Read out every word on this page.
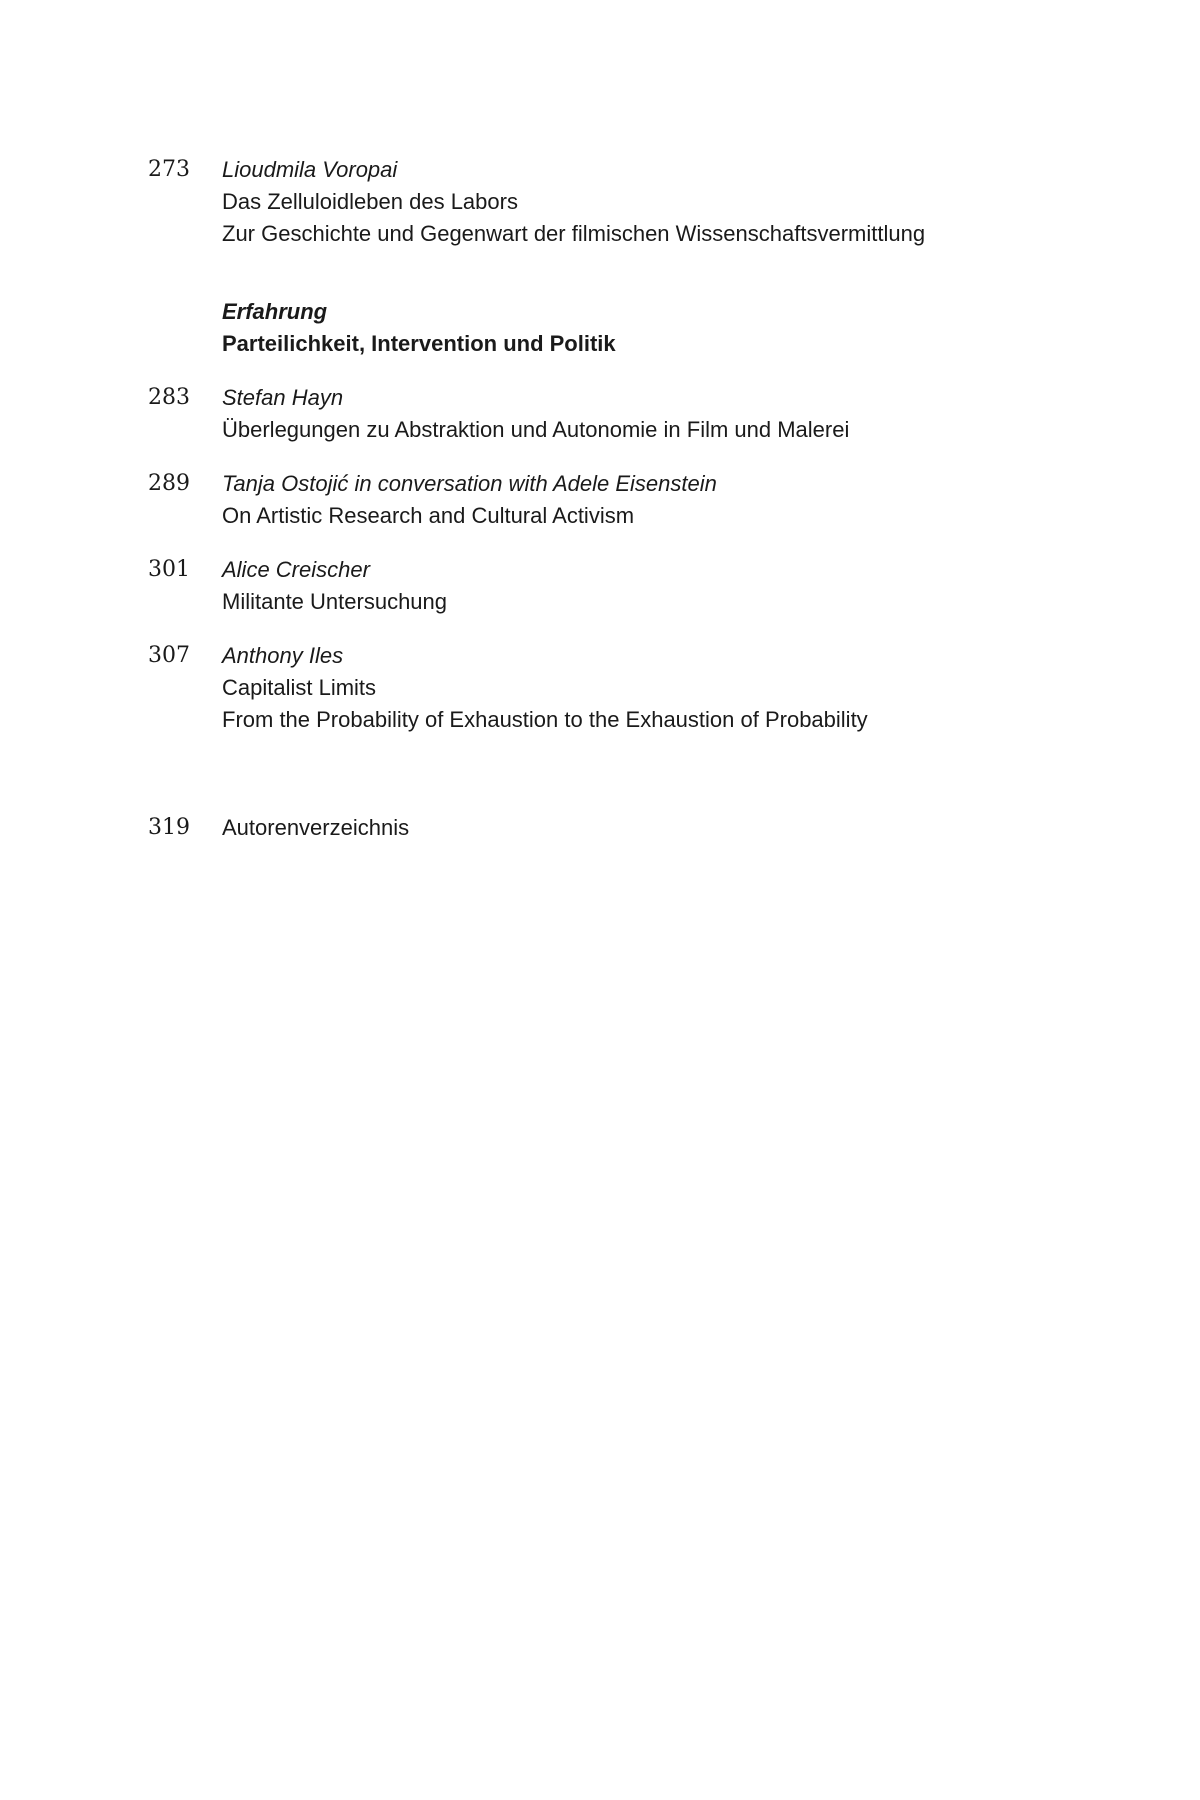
273	Lioudmila Voropai
Das Zelluloidleben des Labors
Zur Geschichte und Gegenwart der filmischen Wissenschaftsvermittlung
Erfahrung
Parteilichkeit, Intervention und Politik
283	Stefan Hayn
Überlegungen zu Abstraktion und Autonomie in Film und Malerei
289	Tanja Ostojić in conversation with Adele Eisenstein
On Artistic Research and Cultural Activism
301	Alice Creischer
Militante Untersuchung
307	Anthony Iles
Capitalist Limits
From the Probability of Exhaustion to the Exhaustion of Probability
319	Autorenverzeichnis
